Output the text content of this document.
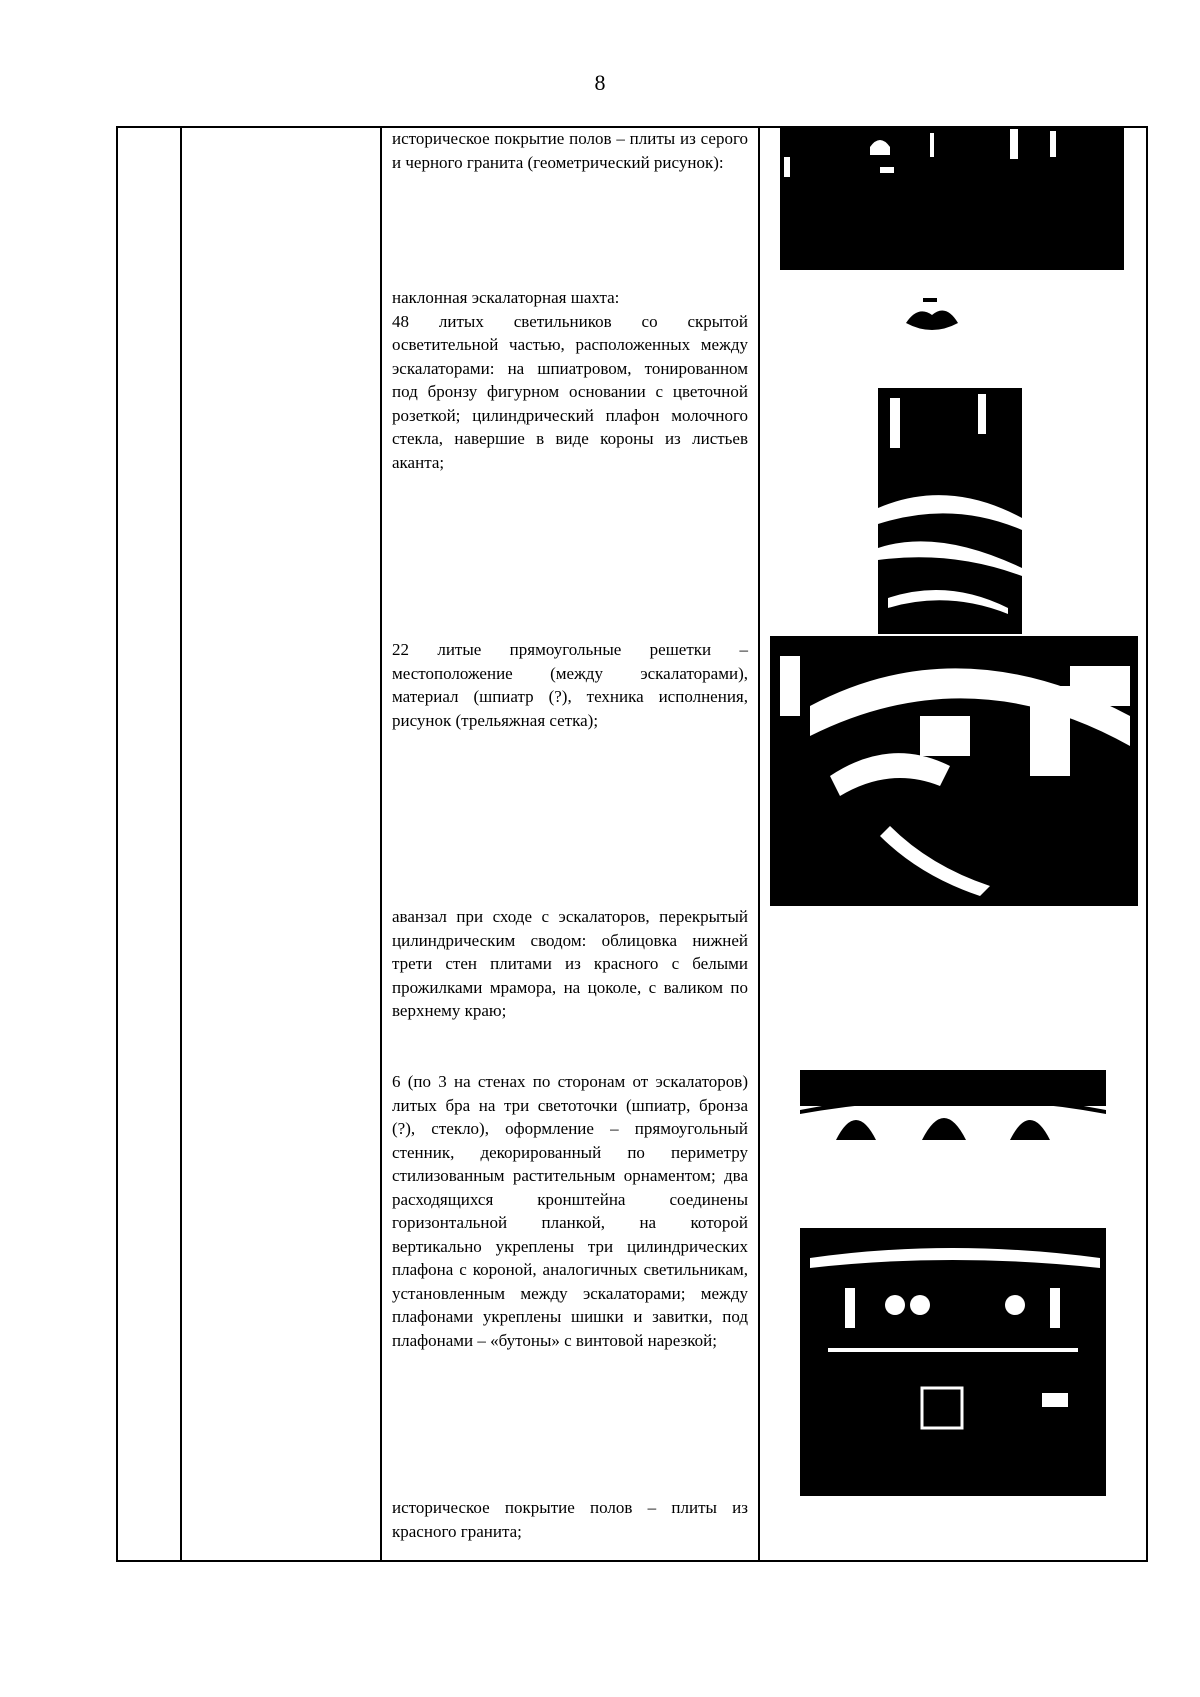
8
историческое покрытие полов – плиты из серого и черного гранита (геометрический рисунок):
наклонная эскалаторная шахта:
48 литых светильников со скрытой осветительной частью, расположенных между эскалаторами: на шпиатровом, тонированном под бронзу фигурном основании с цветочной розеткой; цилиндрический плафон молочного стекла, навершие в виде короны из листьев аканта;
22 литые прямоугольные решетки – местоположение (между эскалаторами), материал (шпиатр (?), техника исполнения, рисунок (трельяжная сетка);
аванзал при сходе с эскалаторов, перекрытый цилиндрическим сводом: облицовка нижней трети стен плитами из красного с белыми прожилками мрамора, на цоколе, с валиком по верхнему краю;
6 (по 3 на стенах по сторонам от эскалаторов) литых бра на три светоточки (шпиатр, бронза (?), стекло), оформление – прямоугольный стенник, декорированный по периметру стилизованным растительным орнаментом; два расходящихся кронштейна соединены горизонтальной планкой, на которой вертикально укреплены три цилиндрических плафона с короной, аналогичных светильникам, установленным между эскалаторами; между плафонами укреплены шишки и завитки, под плафонами – «бутоны» с винтовой нарезкой;
историческое покрытие полов – плиты из красного гранита;
